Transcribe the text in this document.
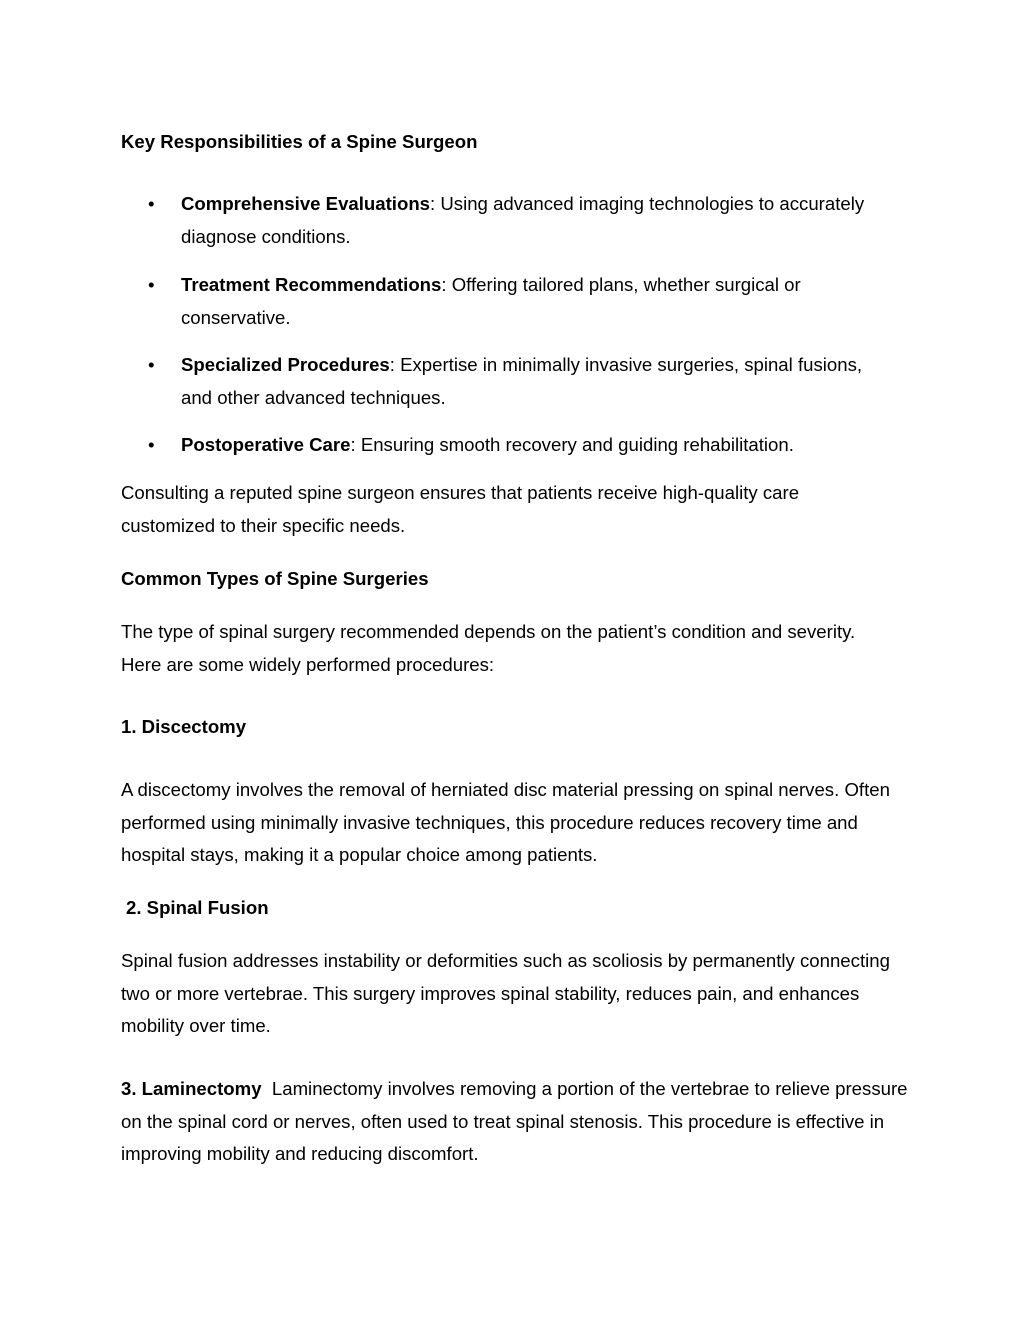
Key Responsibilities of a Spine Surgeon

• Comprehensive Evaluations: Using advanced imaging technologies to accurately diagnose conditions.
• Treatment Recommendations: Offering tailored plans, whether surgical or conservative.
• Specialized Procedures: Expertise in minimally invasive surgeries, spinal fusions, and other advanced techniques.
• Postoperative Care: Ensuring smooth recovery and guiding rehabilitation.

Consulting a reputed spine surgeon ensures that patients receive high-quality care customized to their specific needs.

Common Types of Spine Surgeries

The type of spinal surgery recommended depends on the patient’s condition and severity. Here are some widely performed procedures:

1. Discectomy

A discectomy involves the removal of herniated disc material pressing on spinal nerves. Often performed using minimally invasive techniques, this procedure reduces recovery time and hospital stays, making it a popular choice among patients.

2. Spinal Fusion

Spinal fusion addresses instability or deformities such as scoliosis by permanently connecting two or more vertebrae. This surgery improves spinal stability, reduces pain, and enhances mobility over time.

3. Laminectomy Laminectomy involves removing a portion of the vertebrae to relieve pressure on the spinal cord or nerves, often used to treat spinal stenosis. This procedure is effective in improving mobility and reducing discomfort.
